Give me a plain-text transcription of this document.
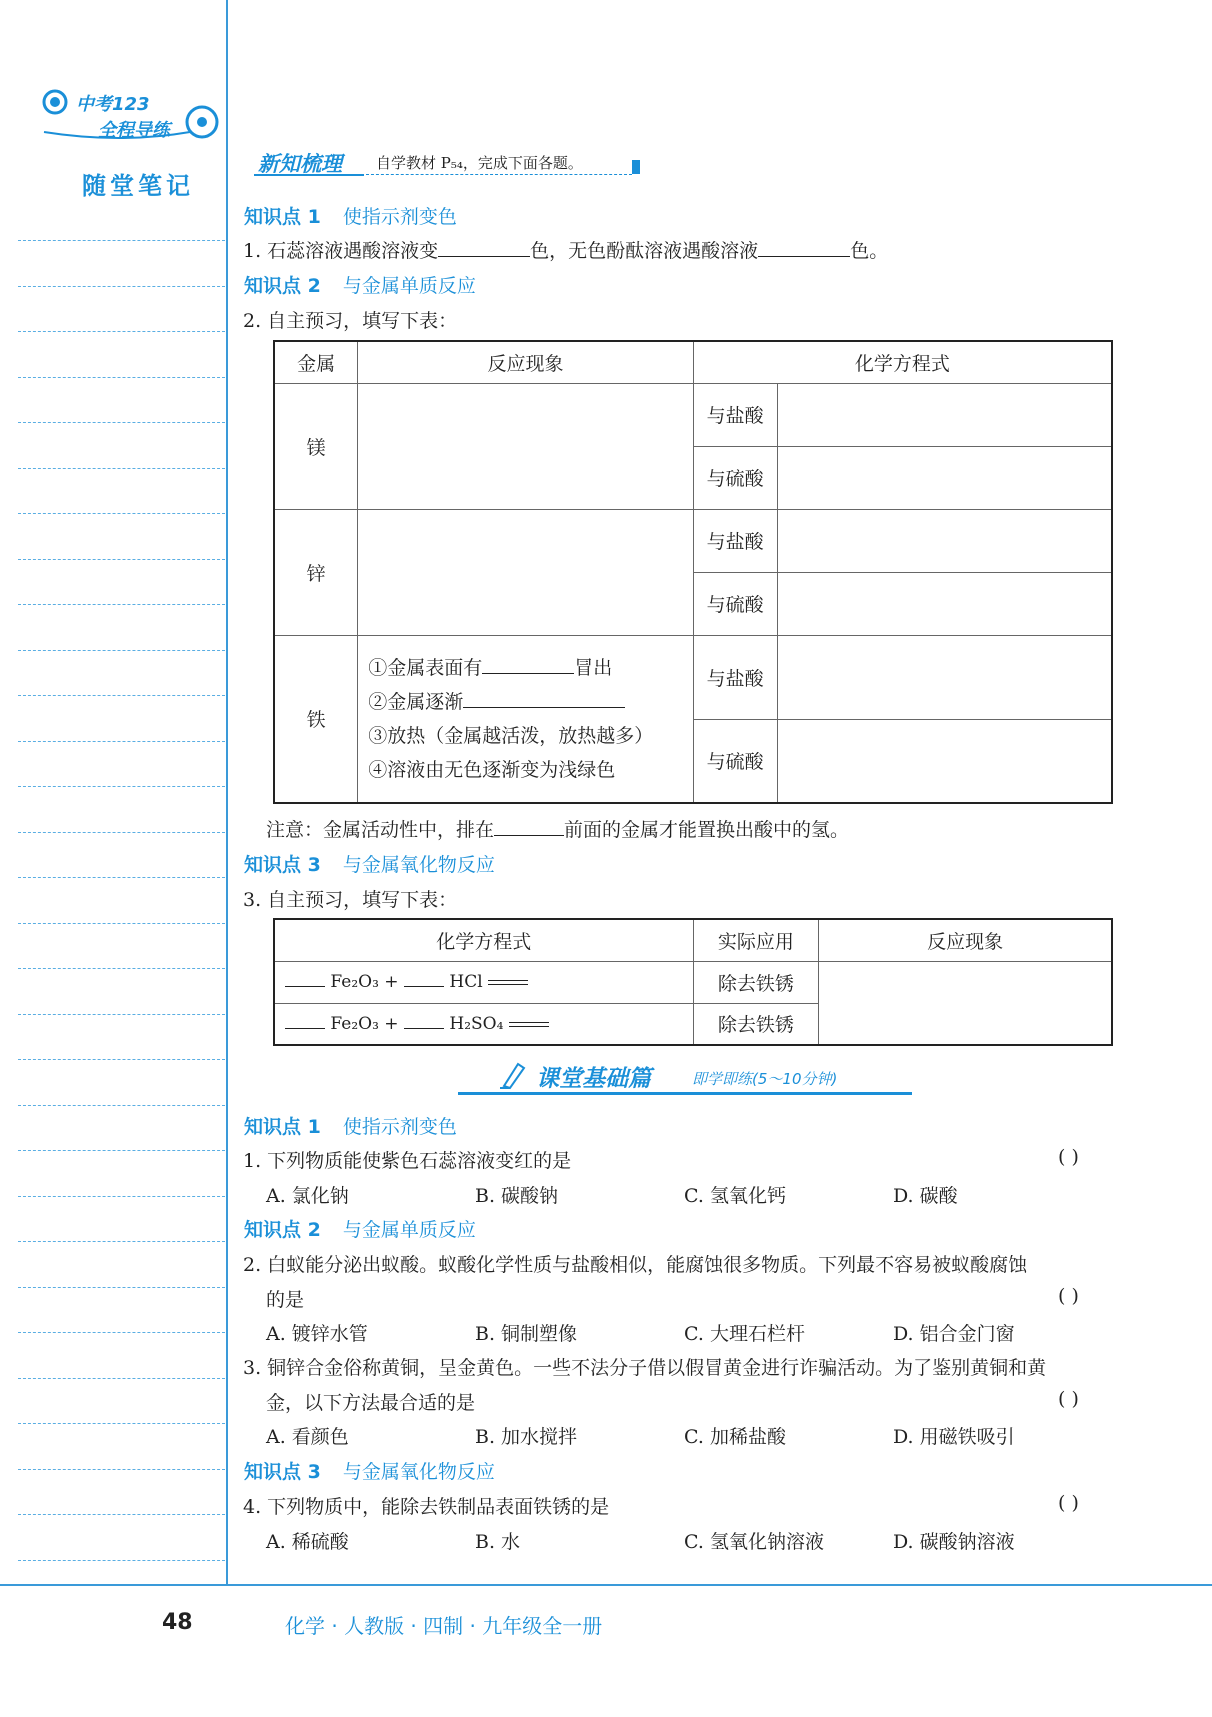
中考123
全程导练
随堂笔记
新知梳理 自学教材 P₅₄，完成下面各题。
知识点 1 使指示剂变色
1. 石蕊溶液遇酸溶液变	色，无色酚酞溶液遇酸溶液	色。
知识点 2 与金属单质反应
2. 自主预习，填写下表：
金属	反应现象	化学方程式	
镁		与盐酸	
		与硫酸	
锌		与盐酸	
		与硫酸	
铁	①金属表面有 冒出
②金属逐渐
③放热（金属越活泼，放热越多）
④溶液由无色逐渐变为浅绿色	与盐酸	
		与硫酸	
注意：金属活动性中，排在	前面的金属才能置换出酸中的氢。
知识点 3 与金属氧化物反应
3. 自主预习，填写下表：
化学方程式	实际应用	反应现象
Fe₂O₃ + HCl	除去铁锈	
Fe₂O₃ + H₂SO₄	除去铁锈	
课堂基础篇	即学即练(5～10分钟)
知识点 1 使指示剂变色
1. 下列物质能使紫色石蕊溶液变红的是	( )
A. 氯化钠	B. 碳酸钠	C. 氢氧化钙	D. 碳酸
知识点 2 与金属单质反应
2. 白蚁能分泌出蚁酸。蚁酸化学性质与盐酸相似，能腐蚀很多物质。下列最不容易被蚁酸腐蚀
的是	( )
A. 镀锌水管	B. 铜制塑像	C. 大理石栏杆	D. 铝合金门窗
3. 铜锌合金俗称黄铜，呈金黄色。一些不法分子借以假冒黄金进行诈骗活动。为了鉴别黄铜和黄
金，以下方法最合适的是	( )
A. 看颜色	B. 加水搅拌	C. 加稀盐酸	D. 用磁铁吸引
知识点 3 与金属氧化物反应
4. 下列物质中，能除去铁制品表面铁锈的是	( )
A. 稀硫酸	B. 水	C. 氢氧化钠溶液	D. 碳酸钠溶液
48	化学 · 人教版 · 四制 · 九年级全一册
